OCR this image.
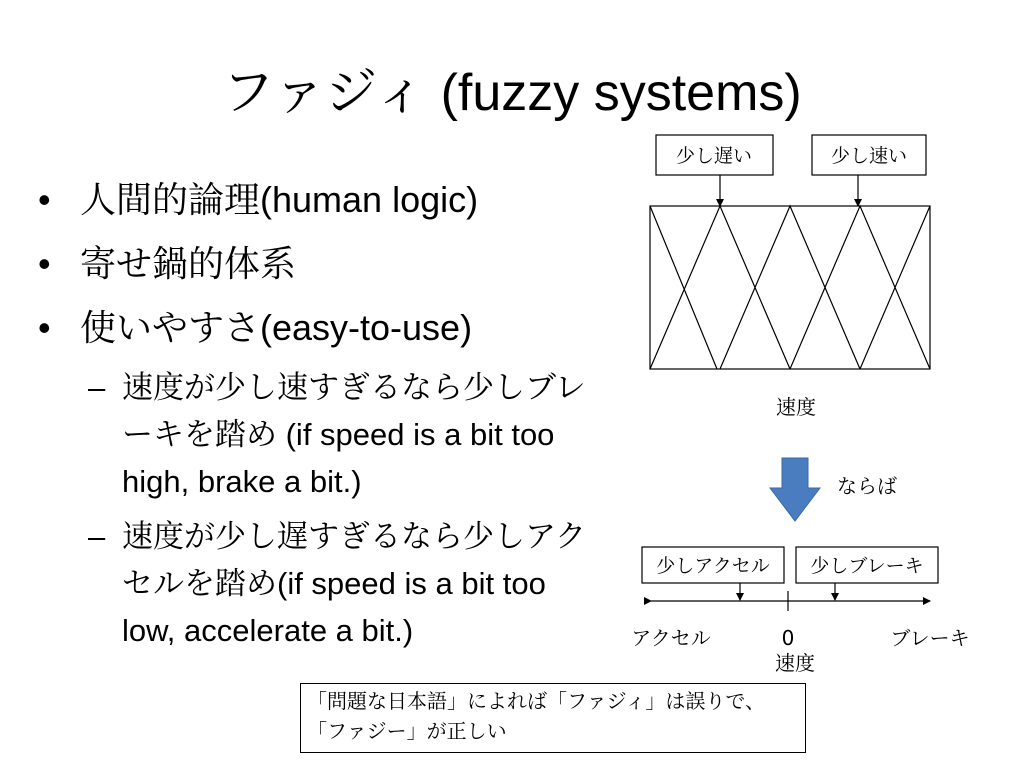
ファジィ (fuzzy systems)
• 人間的論理(human logic)
• 寄せ鍋的体系
• 使いやすさ(easy-to-use)
– 速度が少し速すぎるなら少しブレーキを踏め (if speed is a bit too high, brake a bit.)
– 速度が少し遅すぎるなら少しアクセルを踏め(if speed is a bit too low, accelerate a bit.)
少し遅い	少し速い
速度
ならば
少しアクセル 少しブレーキ
アクセル	0
速度
ブレーキ
「問題な日本語」によれば「ファジィ」は誤りで、
「ファジー」が正しい
